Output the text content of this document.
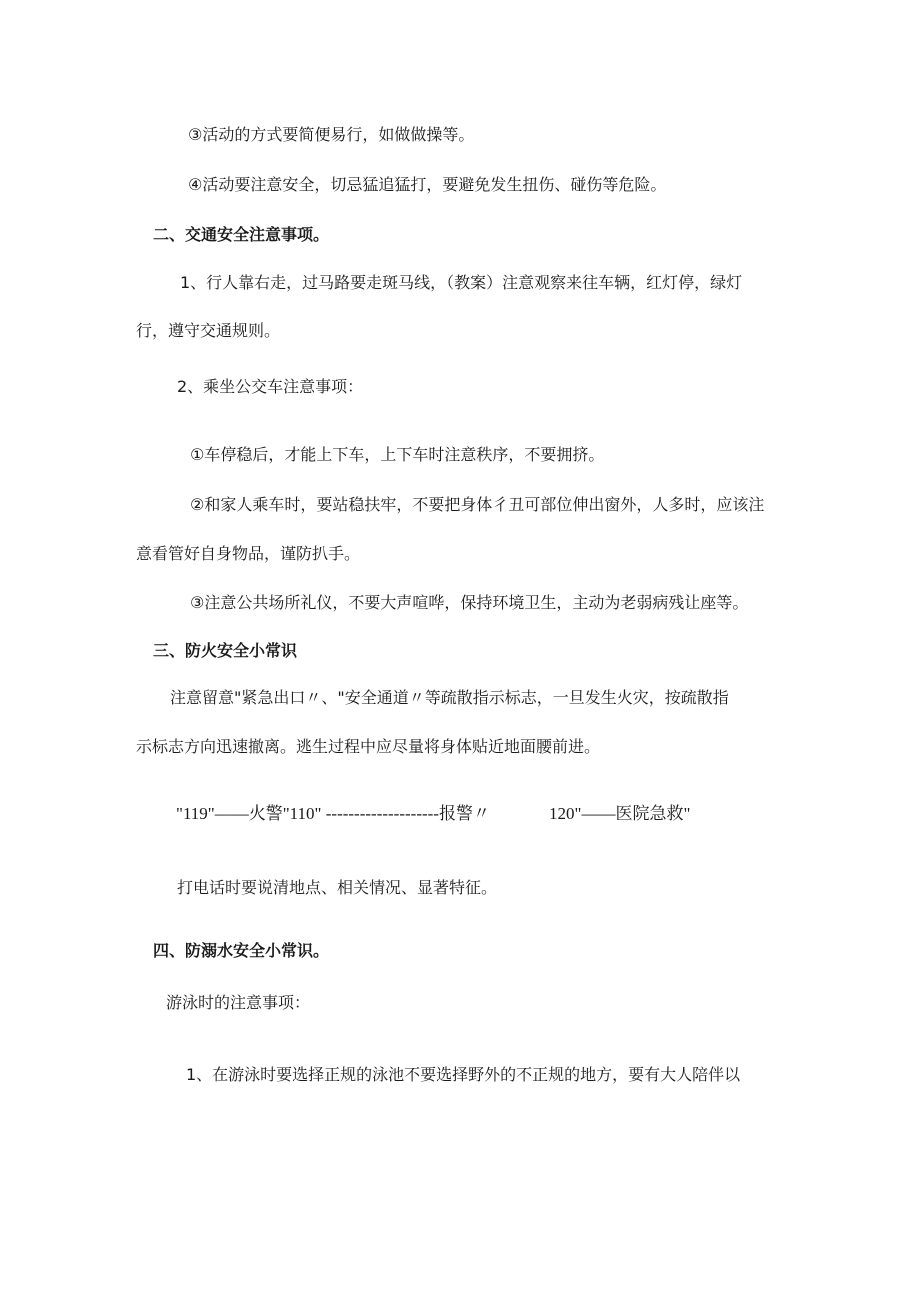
③活动的方式要简便易行，如做做操等。
④活动要注意安全，切忌猛追猛打，要避免发生扭伤、碰伤等危险。
二、交通安全注意事项。
1、行人靠右走，过马路要走斑马线，（教案）注意观察来往车辆，红灯停，绿灯
行，遵守交通规则。
2、乘坐公交车注意事项：
①车停稳后，才能上下车，上下车时注意秩序，不要拥挤。
②和家人乘车时，要站稳扶牢，不要把身体彳丑可部位伸出窗外，人多时，应该注
意看管好自身物品，谨防扒手。
③注意公共场所礼仪，不要大声喧哗，保持环境卫生，主动为老弱病残让座等。
三、防火安全小常识
注意留意"紧急出口〃、"安全通道〃等疏散指示标志，一旦发生火灾，按疏散指
示标志方向迅速撤离。逃生过程中应尽量将身体贴近地面腰前进。
"119"——火警"110" --------------------报警〃	120"——医院急救"
打电话时要说清地点、相关情况、显著特征。
四、防溺水安全小常识。
游泳时的注意事项：
1、在游泳时要选择正规的泳池不要选择野外的不正规的地方，要有大人陪伴以
